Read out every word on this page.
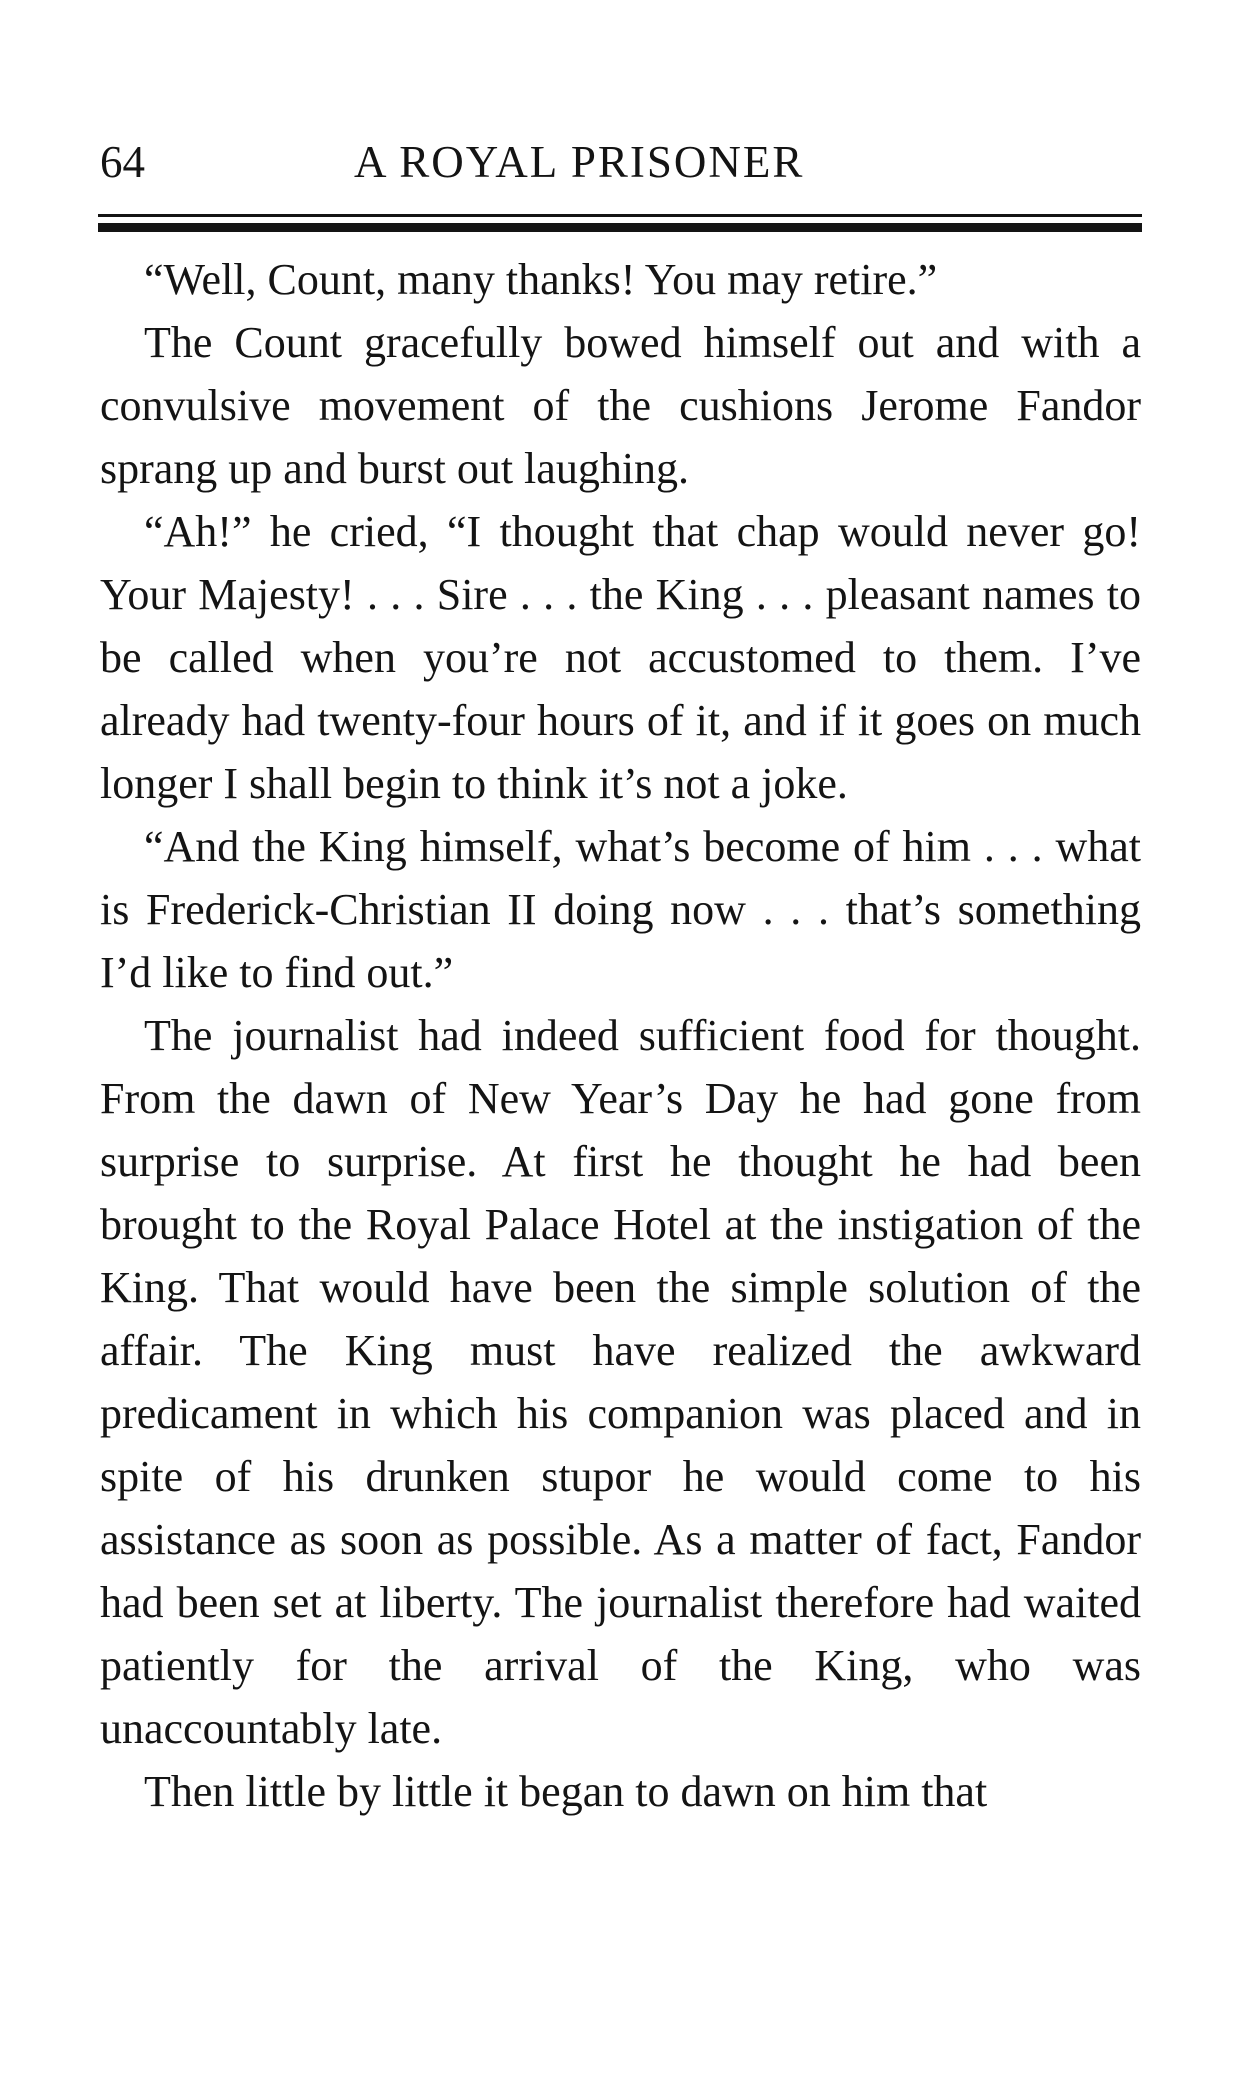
64	A ROYAL PRISONER

“Well, Count, many thanks! You may retire.”

The Count gracefully bowed himself out and with a convulsive movement of the cushions Jerome Fandor sprang up and burst out laughing.

“Ah!” he cried, “I thought that chap would never go! Your Majesty! . . . Sire . . . the King . . . pleasant names to be called when you’re not accustomed to them. I’ve already had twenty-four hours of it, and if it goes on much longer I shall begin to think it’s not a joke.

“And the King himself, what’s become of him . . . what is Frederick-Christian II doing now . . . that’s something I’d like to find out.”

The journalist had indeed sufficient food for thought. From the dawn of New Year’s Day he had gone from surprise to surprise. At first he thought he had been brought to the Royal Palace Hotel at the instigation of the King. That would have been the simple solution of the affair. The King must have realized the awkward predicament in which his companion was placed and in spite of his drunken stupor he would come to his assistance as soon as possible. As a matter of fact, Fandor had been set at liberty. The journalist therefore had waited patiently for the arrival of the King, who was unaccountably late.

Then little by little it began to dawn on him that
